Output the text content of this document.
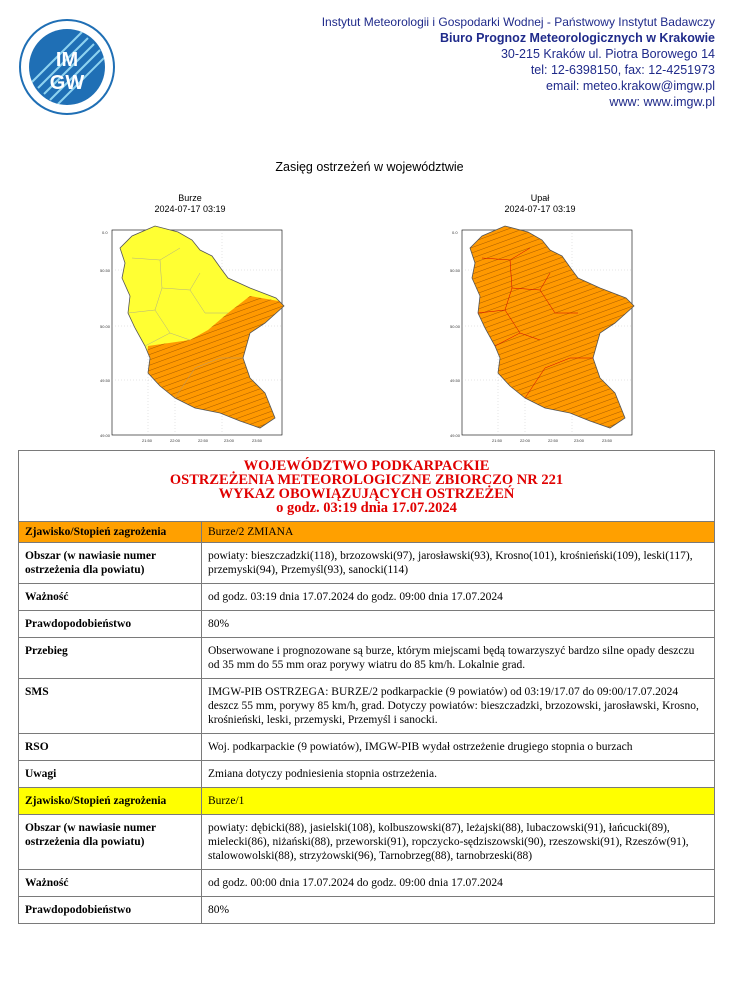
IM
GW
Instytut Meteorologii i Gospodarki Wodnej - Państwowy Instytut Badawczy
Biuro Prognoz Meteorologicznych w Krakowie
30-215 Kraków ul. Piotra Borowego 14
tel: 12-6398150, fax: 12-4251973
email: meteo.krakow@imgw.pl
www: www.imgw.pl
Zasięg ostrzeżeń w województwie
Burze
2024-07-17 03:19
Upał
2024-07-17 03:19
0.0
50.50
50.00
49.50
49.00
21:50	22:00	22:50	23:00	23:50
0.0
50.50
50.00
49.50
49.00
21:50	22:00	22:50	23:00	23:50
WOJEWÓDZTWO PODKARPACKIE
OSTRZEŻENIA METEOROLOGICZNE ZBIORCZO NR 221
WYKAZ OBOWIĄZUJĄCYCH OSTRZEŻEŃ
o godz. 03:19 dnia 17.07.2024	

Zjawisko/Stopień zagrożenia	Burze/2 ZMIANA
Obszar (w nawiasie numer ostrzeżenia dla powiatu)	powiaty: bieszczadzki(118), brzozowski(97), jarosławski(93), Krosno(101), krośnieński(109), leski(117), przemyski(94), Przemyśl(93), sanocki(114)
Ważność	od godz. 03:19 dnia 17.07.2024 do godz. 09:00 dnia 17.07.2024
Prawdopodobieństwo	80%
Przebieg	Obserwowane i prognozowane są burze, którym miejscami będą towarzyszyć bardzo silne opady deszczu od 35 mm do 55 mm oraz porywy wiatru do 85 km/h. Lokalnie grad.
SMS	IMGW-PIB OSTRZEGA: BURZE/2 podkarpackie (9 powiatów) od 03:19/17.07 do 09:00/17.07.2024 deszcz 55 mm, porywy 85 km/h, grad. Dotyczy powiatów: bieszczadzki, brzozowski, jarosławski, Krosno, krośnieński, leski, przemyski, Przemyśl i sanocki.
RSO	Woj. podkarpackie (9 powiatów), IMGW-PIB wydał ostrzeżenie drugiego stopnia o burzach
Uwagi	Zmiana dotyczy podniesienia stopnia ostrzeżenia.
Zjawisko/Stopień zagrożenia	Burze/1
Obszar (w nawiasie numer ostrzeżenia dla powiatu)	powiaty: dębicki(88), jasielski(108), kolbuszowski(87), leżajski(88), lubaczowski(91), łańcucki(89), mielecki(86), niżański(88), przeworski(91), ropczycko-sędziszowski(90), rzeszowski(91), Rzeszów(91), stalowowolski(88), strzyżowski(96), Tarnobrzeg(88), tarnobrzeski(88)
Ważność	od godz. 00:00 dnia 17.07.2024 do godz. 09:00 dnia 17.07.2024
Prawdopodobieństwo	80%
